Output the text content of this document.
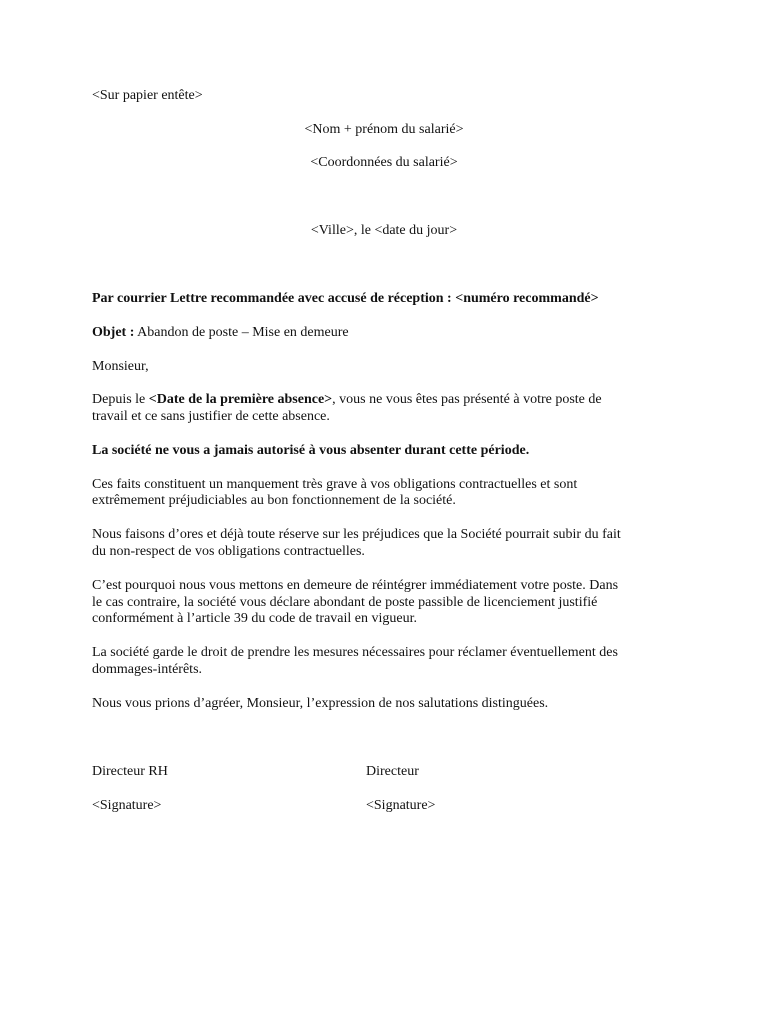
<Sur papier entête>
<Nom + prénom du salarié>
<Coordonnées du salarié>
<Ville>, le <date du jour>
Par courrier Lettre recommandée avec accusé de réception : <numéro recommandé>
Objet : Abandon de poste – Mise en demeure
Monsieur,
Depuis le <Date de la première absence>, vous ne vous êtes pas présenté à votre poste de
travail et ce sans justifier de cette absence.
La société ne vous a jamais autorisé à vous absenter durant cette période.
Ces faits constituent un manquement très grave à vos obligations contractuelles et sont
extrêmement préjudiciables au bon fonctionnement de la société.
Nous faisons d’ores et déjà toute réserve sur les préjudices que la Société pourrait subir du fait
du non-respect de vos obligations contractuelles.
C’est pourquoi nous vous mettons en demeure de réintégrer immédiatement votre poste. Dans
le cas contraire, la société vous déclare abondant de poste passible de licenciement justifié
conformément à l’article 39 du code de travail en vigueur.
La société garde le droit de prendre les mesures nécessaires pour réclamer éventuellement des
dommages-intérêts.
Nous vous prions d’agréer, Monsieur, l’expression de nos salutations distinguées.
Directeur RH	Directeur
<Signature>	<Signature>
